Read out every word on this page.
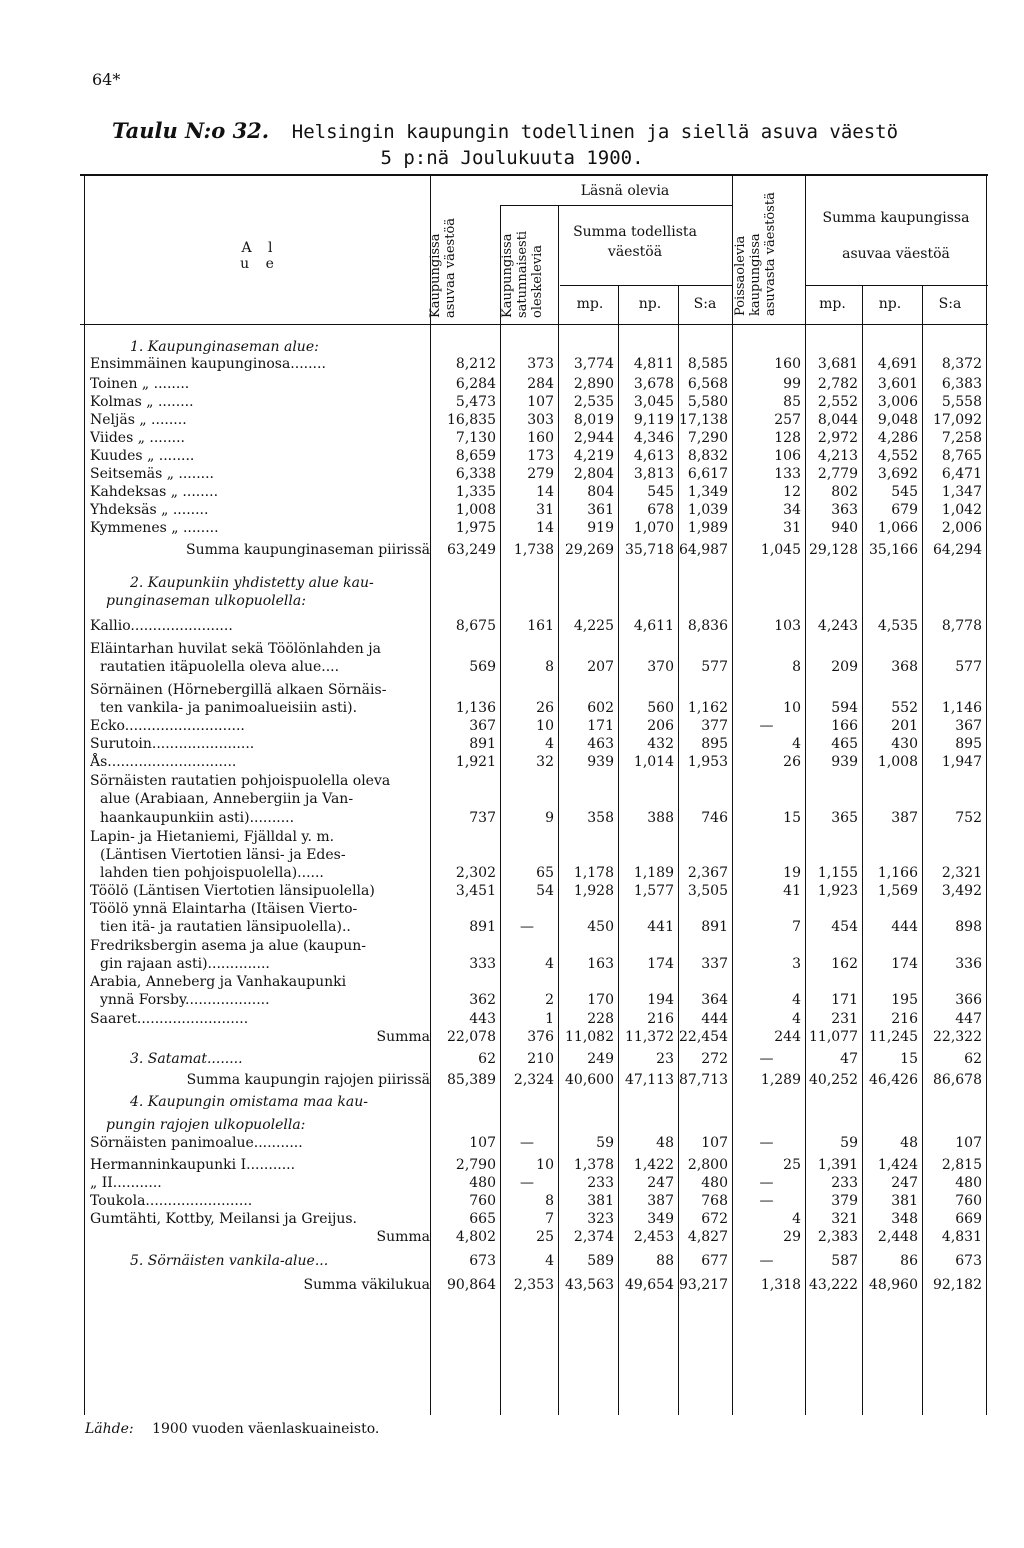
64*
Taulu N:o 32. Helsingin kaupungin todellinen ja siellä asuva väestö
5 p:nä Joulukuuta 1900.
A l u e	Kaupungissa asuvaa väestöä
Läsnä olevia
Kaupungissa satunnaisesti oleskelevia
Summa todellista väestöä	Poissaolevia kaupungissa asuvasta väestöstä	Summa kaupungissa asuvaa väestöä
mp.	np.	S:a	mp.	np.	S:a
1. Kaupunginaseman alue:
Ensimmäinen kaupunginosa........	8,212	373	3,774	4,811 8,585	160	3,681	4,691	8,372
Toinen „ ........	6,284	284	2,890	3,678 6,568	99	2,782	3,601	6,383
Kolmas „ ........	5,473	107	2,535	3,045 5,580	85	2,552	3,006	5,558
Neljäs „ ........	16,835	303	8,019	9,119 17,138	257	8,044	9,048	17,092
Viides „ ........	7,130	160	2,944	4,346 7,290	128	2,972	4,286	7,258
Kuudes „ ........	8,659	173	4,219	4,613 8,832	106	4,213	4,552	8,765
Seitsemäs „ ........	6,338	279	2,804	3,813 6,617	133	2,779	3,692	6,471
Kahdeksas „ ........	1,335	14	804	545 1,349	12	802	545	1,347
Yhdeksäs „ ........	1,008	31	361	678 1,039	34	363	679	1,042
Kymmenes „ ........	1,975	14	919	1,070 1,989	31	940	1,066	2,006
Summa kaupunginaseman piirissä	63,249	1,738 29,269 35,718 64,987	1,045 29,128 35,166	64,294
2. Kaupunkiin yhdistetty alue kau-
punginaseman ulkopuolella:
Kallio.......................	8,675	161	4,225	4,611 8,836	103	4,243	4,535	8,778
Eläintarhan huvilat sekä Töölönlahden ja
rautatien itäpuolella oleva alue....	569	8	207	370	577	8	209	368	577
Sörnäinen (Hörnebergillä alkaen Sörnäis-
ten vankila- ja panimoalueisiin asti).	1,136	26	602	560 1,162	10	594	552	1,146
Ecko...........................	367	10	171	206	377	—	166	201	367
Surutoin.......................	891	4	463	432	895	4	465	430	895
Ås.............................	1,921	32	939	1,014 1,953	26	939	1,008	1,947
Sörnäisten rautatien pohjoispuolella oleva
alue (Arabiaan, Annebergiin ja Van-
haankaupunkiin asti)..........	737	9	358	388	746	15	365	387	752
Lapin- ja Hietaniemi, Fjälldal y. m.
(Läntisen Viertotien länsi- ja Edes-
lahden tien pohjoispuolella)......	2,302	65	1,178	1,189 2,367	19	1,155	1,166	2,321
Töölö (Läntisen Viertotien länsipuolella)	3,451	54	1,928	1,577 3,505	41	1,923	1,569	3,492
Töölö ynnä Elaintarha (Itäisen Viertο-
tien itä- ja rautatien länsipuolella)..	891	—	450	441	891	7	454	444	898
Fredriksbergin asema ja alue (kaupun-
gin rajaan asti)..............	333	4	163	174	337	3	162	174	336
Arabia, Anneberg ja Vanhakaupunki
ynnä Forsby...................	362	2	170	194	364	4	171	195	366
Saaret.........................	443	1	228	216	444	4	231	216	447
Summa	22,078	376 11,082 11,372 22,454	244 11,077 11,245	22,322
3. Satamat........	62	210	249	23	272	—	47	15	62
Summa kaupungin rajojen piirissä	85,389	2,324 40,600 47,113 87,713	1,289 40,252 46,426	86,678
4. Kaupungin omistama maa kau-
pungin rajojen ulkopuolella:
Sörnäisten panimoalue...........	107	—	59	48	107	—	59	48	107
Hermanninkaupunki I...........	2,790	10	1,378	1,422 2,800	25	1,391	1,424	2,815
„ II...........	480	—	233	247	480	—	233	247	480
Toukola........................	760	8	381	387	768	—	379	381	760
Gumtähti, Kottby, Meilansi ja Greijus.	665	7	323	349	672	4	321	348	669
Summa	4,802	25	2,374	2,453 4,827	29	2,383	2,448	4,831
5. Sörnäisten vankila-alue...	673	4	589	88	677	—	587	86	673
Summa väkilukua	90,864	2,353 43,563 49,654 93,217	1,318 43,222 48,960	92,182
Lähde: 1900 vuoden väenlaskuaineisto.
